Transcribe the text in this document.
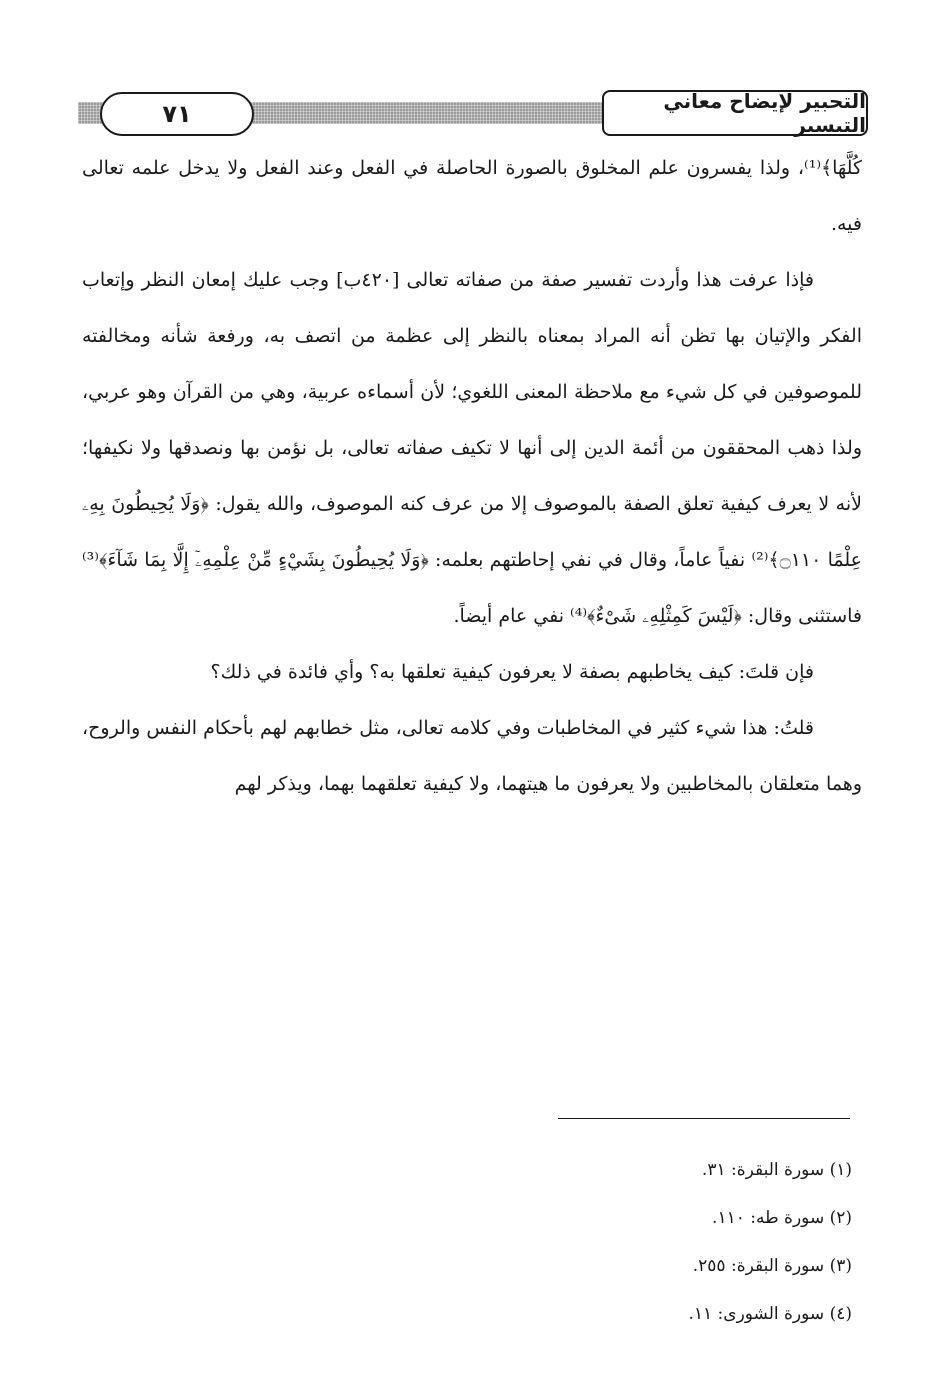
٧١	التحبير لإيضاح معاني التيسير

كُلَّهَا﴾⁽¹⁾، ولذا يفسرون علم المخلوق بالصورة الحاصلة في الفعل وعند الفعل ولا يدخل علمه تعالى فيه.

فإذا عرفت هذا وأردت تفسير صفة من صفاته تعالى [٤٢٠ب] وجب عليك إمعان النظر وإتعاب الفكر والإتيان بها تظن أنه المراد بمعناه بالنظر إلى عظمة من اتصف به، ورفعة شأنه ومخالفته للموصوفين في كل شيء مع ملاحظة المعنى اللغوي؛ لأن أسماءه عربية، وهي من القرآن وهو عربي، ولذا ذهب المحققون من أئمة الدين إلى أنها لا تكيف صفاته تعالى، بل نؤمن بها ونصدقها ولا نكيفها؛ لأنه لا يعرف كيفية تعلق الصفة بالموصوف إلا من عرف كنه الموصوف، والله يقول: ﴿وَلَا يُحِيطُونَ بِهِۦ عِلْمًا ۝١١٠﴾⁽²⁾ نفياً عاماً، وقال في نفي إحاطتهم بعلمه: ﴿وَلَا يُحِيطُونَ بِشَيْءٍ مِّنْ عِلْمِهِۦٓ إِلَّا بِمَا شَآءَ﴾⁽³⁾ فاستثنى وقال: ﴿لَيْسَ كَمِثْلِهِۦ شَىْءٌ﴾⁽⁴⁾ نفي عام أيضاً.

فإن قلتَ: كيف يخاطبهم بصفة لا يعرفون كيفية تعلقها به؟ وأي فائدة في ذلك؟

قلتُ: هذا شيء كثير في المخاطبات وفي كلامه تعالى، مثل خطابهم لهم بأحكام النفس والروح، وهما متعلقان بالمخاطبين ولا يعرفون ما هيتهما، ولا كيفية تعلقهما بهما، ويذكر لهم

(١) سورة البقرة: ٣١.

(٢) سورة طه: ١١٠.

(٣) سورة البقرة: ٢٥٥.

(٤) سورة الشورى: ١١.
